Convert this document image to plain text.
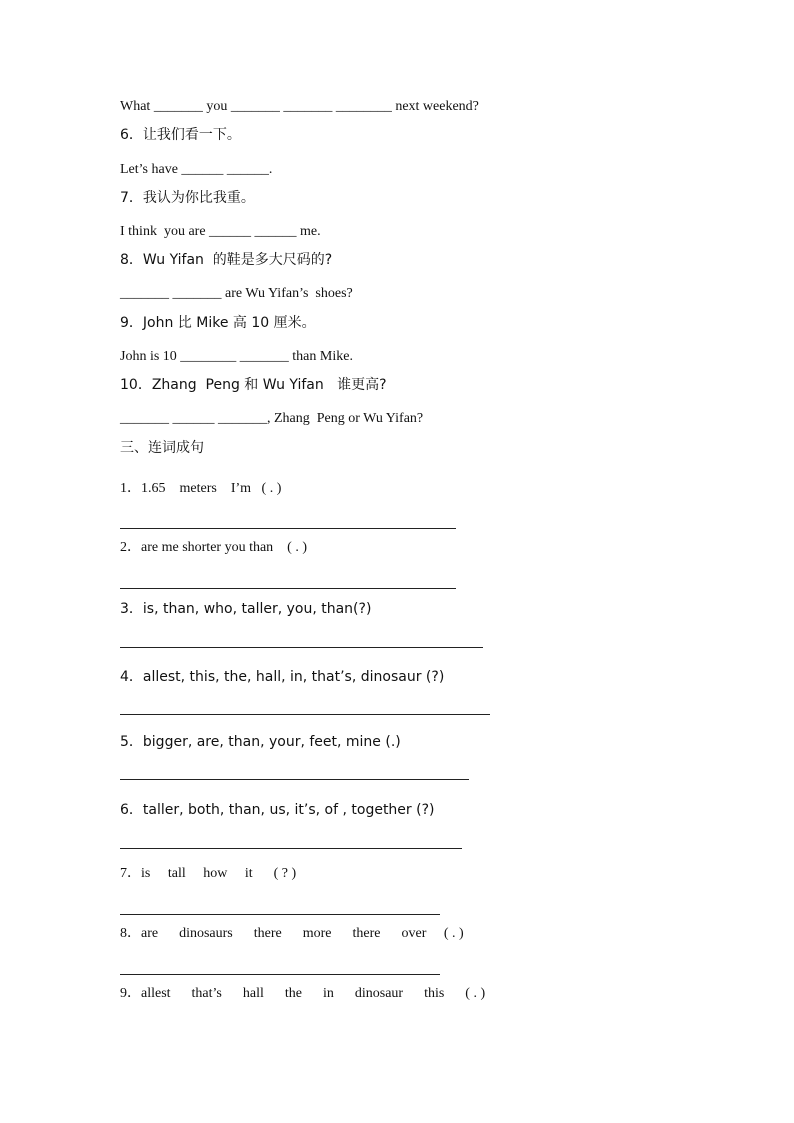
What _______ you _______ _______ ________ next weekend?
6．让我们看一下。
Let’s have ______ ______.
7．我认为你比我重。
I think  you are ______ ______ me.
8．Wu Yifan  的鞋是多大尺码的?
_______ _______ are Wu Yifan’s  shoes?
9．John 比 Mike 高 10 厘米。
John is 10 ________ _______ than Mike.
10．Zhang  Peng 和 Wu Yifan   谁更高?
_______ ______ _______, Zhang  Peng or Wu Yifan?
三、连词成句
1．1.65    meters    I’m   ( . )
2．are me shorter you than    ( . )
3．is, than, who, taller, you, than(?)
4．allest, this, the, hall, in, that’s, dinosaur (?)
5．bigger, are, than, your, feet, mine (.)
6．taller, both, than, us, it’s, of , together (?)
7．is     tall     how     it      ( ? )
8．are      dinosaurs      there      more      there      over     ( . )
9．allest      that’s      hall      the      in      dinosaur      this      ( . )
